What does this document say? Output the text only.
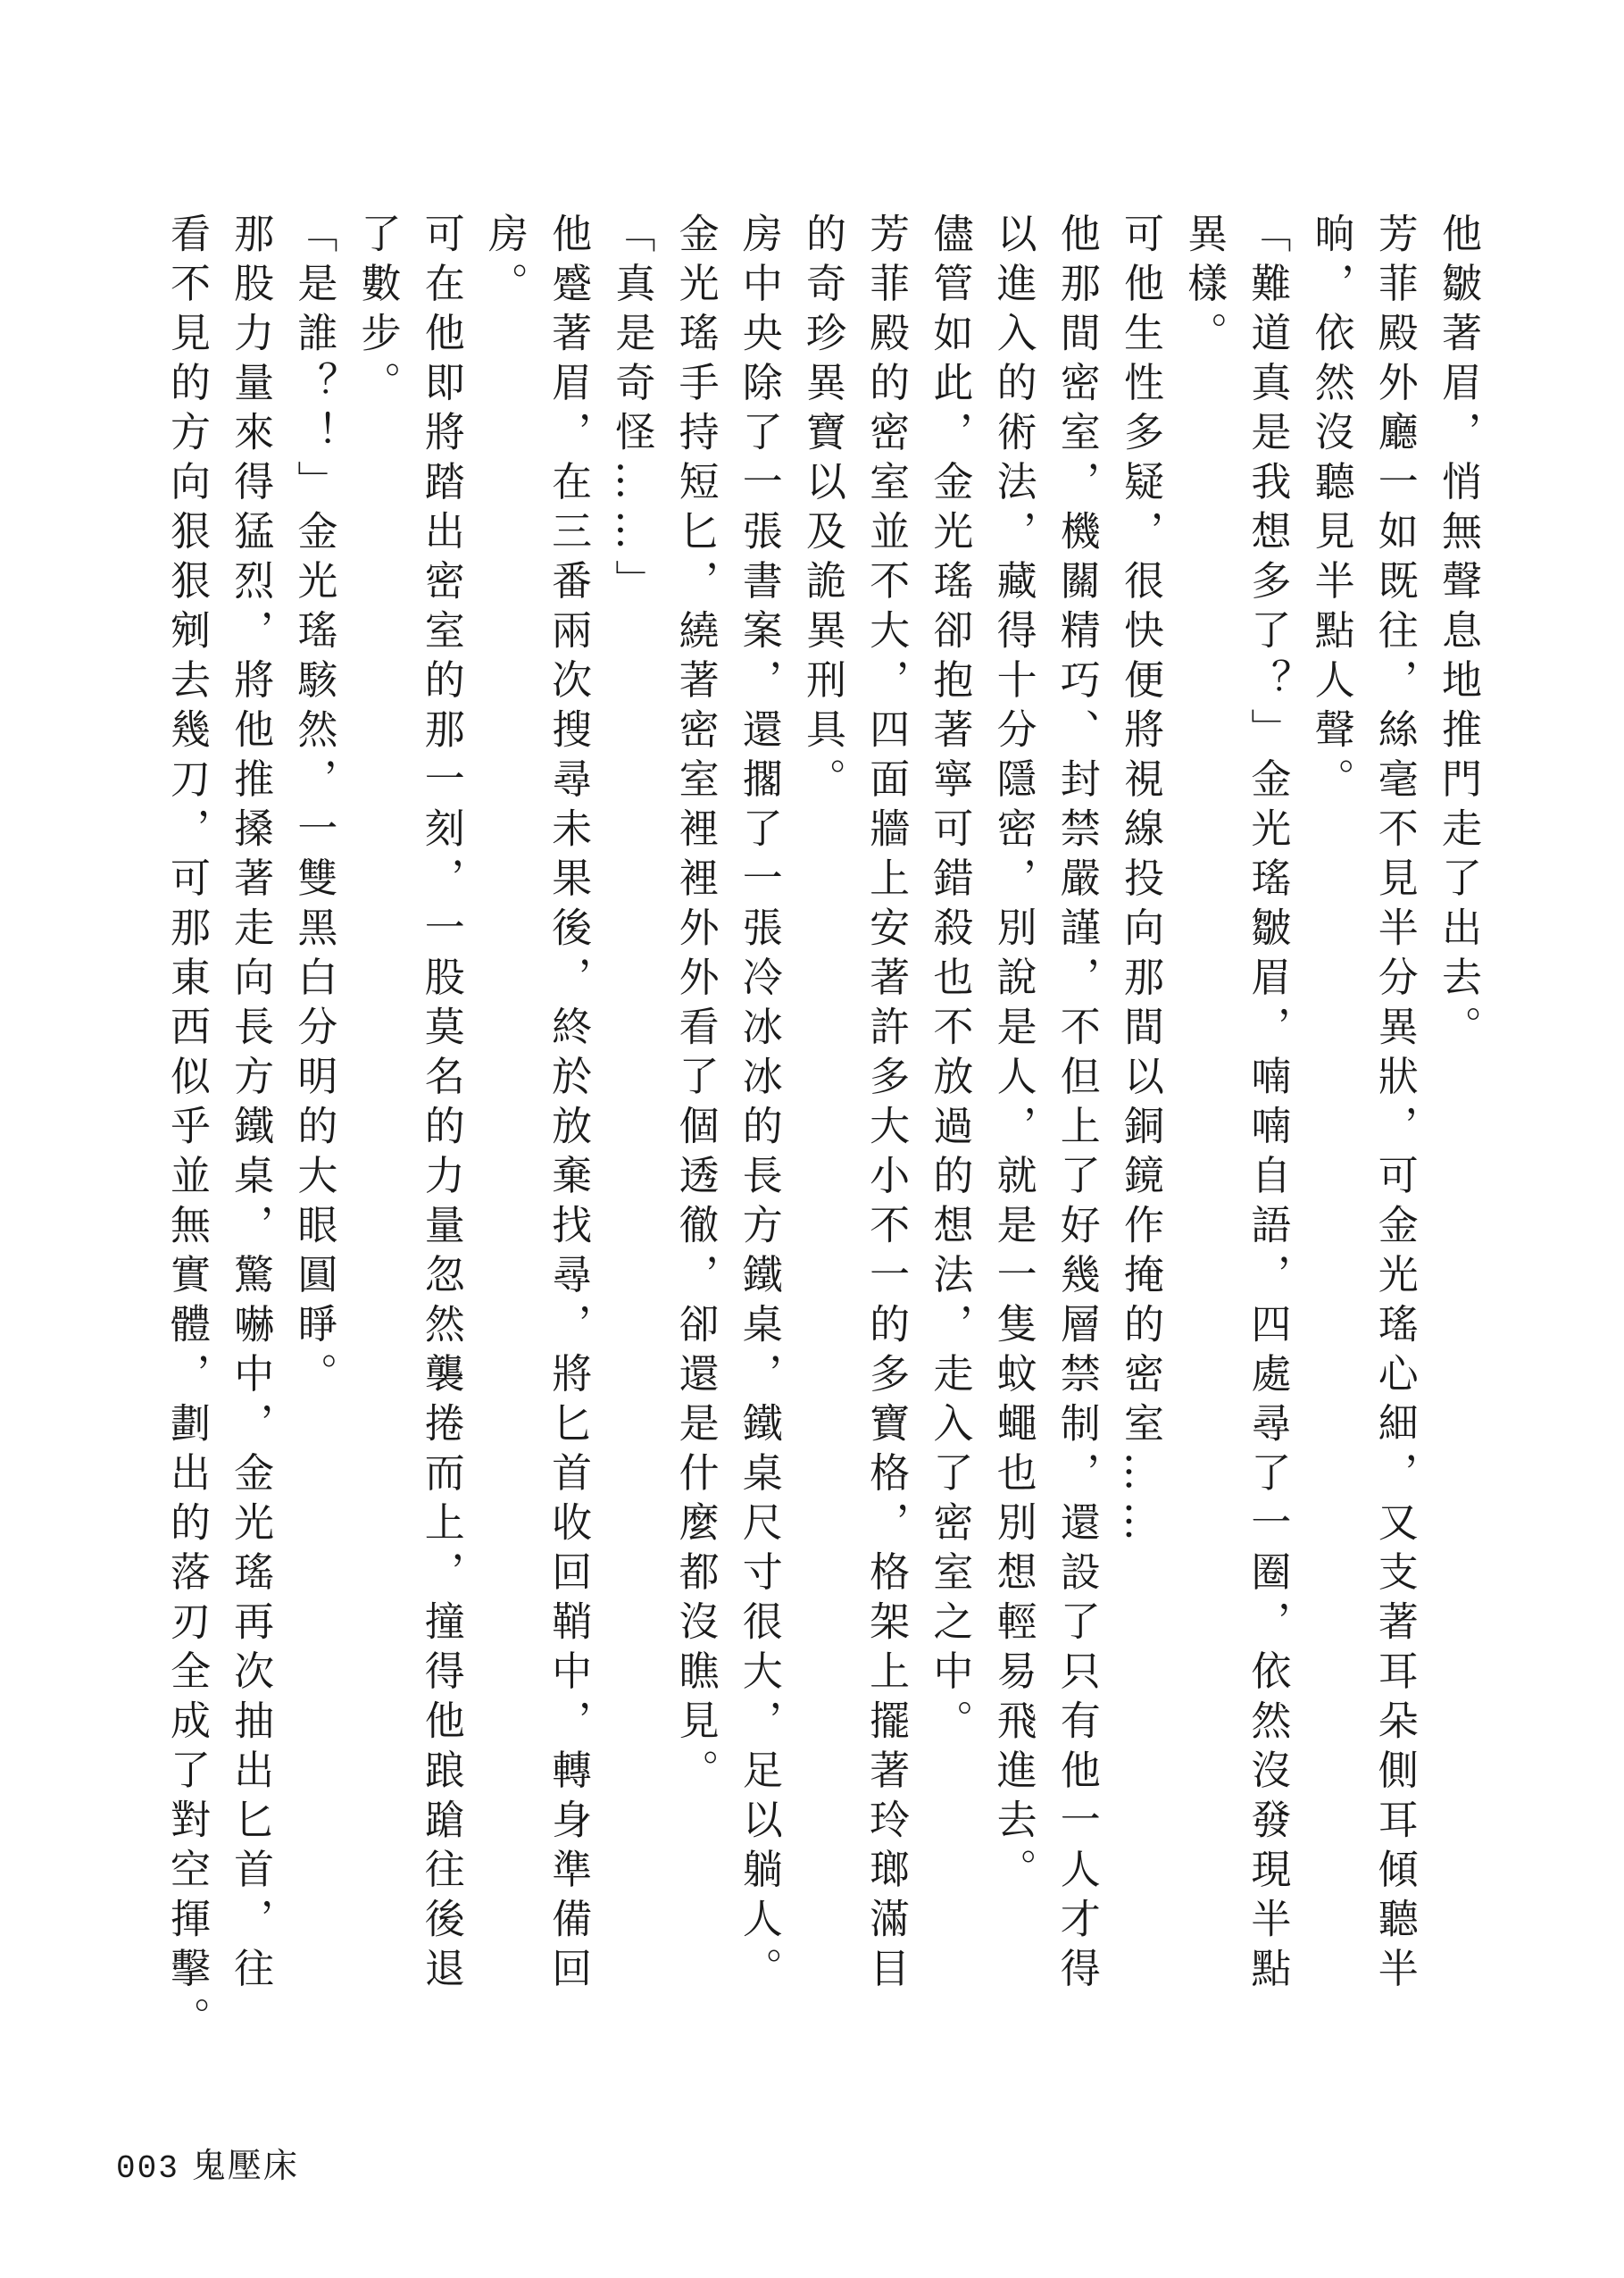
他皺著眉，悄無聲息地推門走了出去。

芳菲殿外廳一如既往，絲毫不見半分異狀，可金光瑤心細，又支著耳朵側耳傾聽半

晌，依然沒聽見半點人聲。

「難道真是我想多了？」金光瑤皺眉，喃喃自語，四處尋了一圈，依然沒發現半點

異樣。

可他生性多疑，很快便將視線投向那間以銅鏡作掩的密室……

他那間密室，機關精巧、封禁嚴謹，不但上了好幾層禁制，還設了只有他一人才得

以進入的術法，藏得十分隱密，別說是人，就是一隻蚊蠅也別想輕易飛進去。

儘管如此，金光瑤卻抱著寧可錯殺也不放過的想法，走入了密室之中。

芳菲殿的密室並不大，四面牆上安著許多大小不一的多寶格，格架上擺著玲瑯滿目

的奇珍異寶以及詭異刑具。

房中央除了一張書案，還擱了一張冷冰冰的長方鐵桌，鐵桌尺寸很大，足以躺人。

金光瑤手持短匕，繞著密室裡裡外外看了個透徹，卻還是什麼都沒瞧見。

「真是奇怪……」

他蹙著眉，在三番兩次搜尋未果後，終於放棄找尋，將匕首收回鞘中，轉身準備回

房。

可在他即將踏出密室的那一刻，一股莫名的力量忽然襲捲而上，撞得他踉蹌往後退

了數步。

「是誰？！」金光瑤駭然，一雙黑白分明的大眼圓睜。

那股力量來得猛烈，將他推搡著走向長方鐵桌，驚嚇中，金光瑤再次抽出匕首，往

看不見的方向狠狠剜去幾刀，可那東西似乎並無實體，劃出的落刃全成了對空揮擊。

003 鬼壓床
